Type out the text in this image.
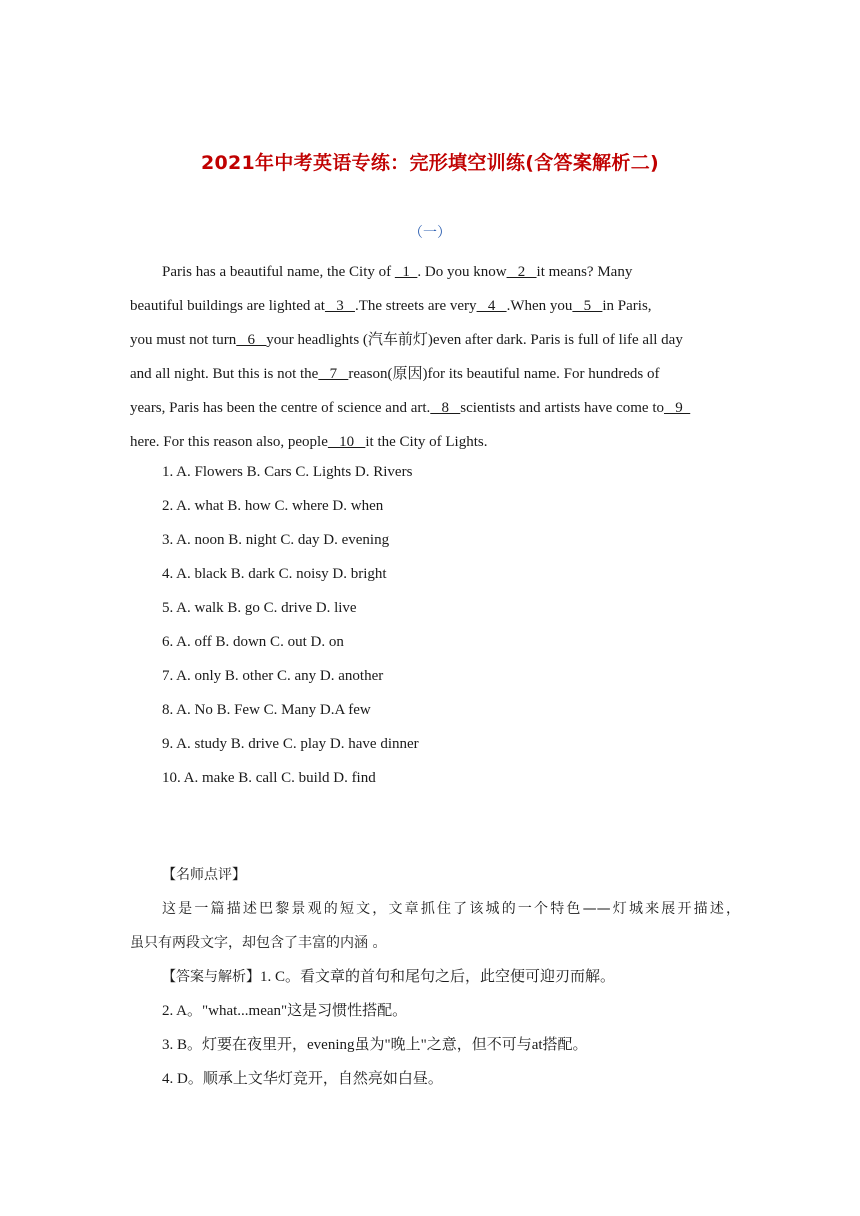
2021年中考英语专练：完形填空训练(含答案解析二)
（一）
Paris has a beautiful name, the City of   1  . Do you know   2   it means? Many
beautiful buildings are lighted at   3   .The streets are very   4   .When you   5   in Paris,
you must not turn   6   your headlights (汽车前灯)even after dark. Paris is full of life all day
and all night. But this is not the   7   reason(原因)for its beautiful name. For hundreds of
years, Paris has been the centre of science and art.   8   scientists and artists have come to   9
here. For this reason also, people   10   it the City of Lights.
1. A. Flowers B. Cars C. Lights D. Rivers
2. A. what B. how C. where D. when
3. A. noon B. night C. day D. evening
4. A. black B. dark C. noisy D. bright
5. A. walk B. go C. drive D. live
6. A. off B. down C. out D. on
7. A. only B. other C. any D. another
8. A. No B. Few C. Many D.A few
9. A. study B. drive C. play D. have dinner
10. A. make B. call C. build D. find
【名师点评】
这是一篇描述巴黎景观的短文，文章抓住了该城的一个特色——灯城来展开描述，
虽只有两段文字，却包含了丰富的内涵 。
【答案与解析】1. C。看文章的首句和尾句之后，此空便可迎刃而解。
2. A。"what...mean"这是习惯性搭配。
3. B。灯要在夜里开，evening虽为"晚上"之意，但不可与at搭配。
4. D。顺承上文华灯竞开，自然亮如白昼。
